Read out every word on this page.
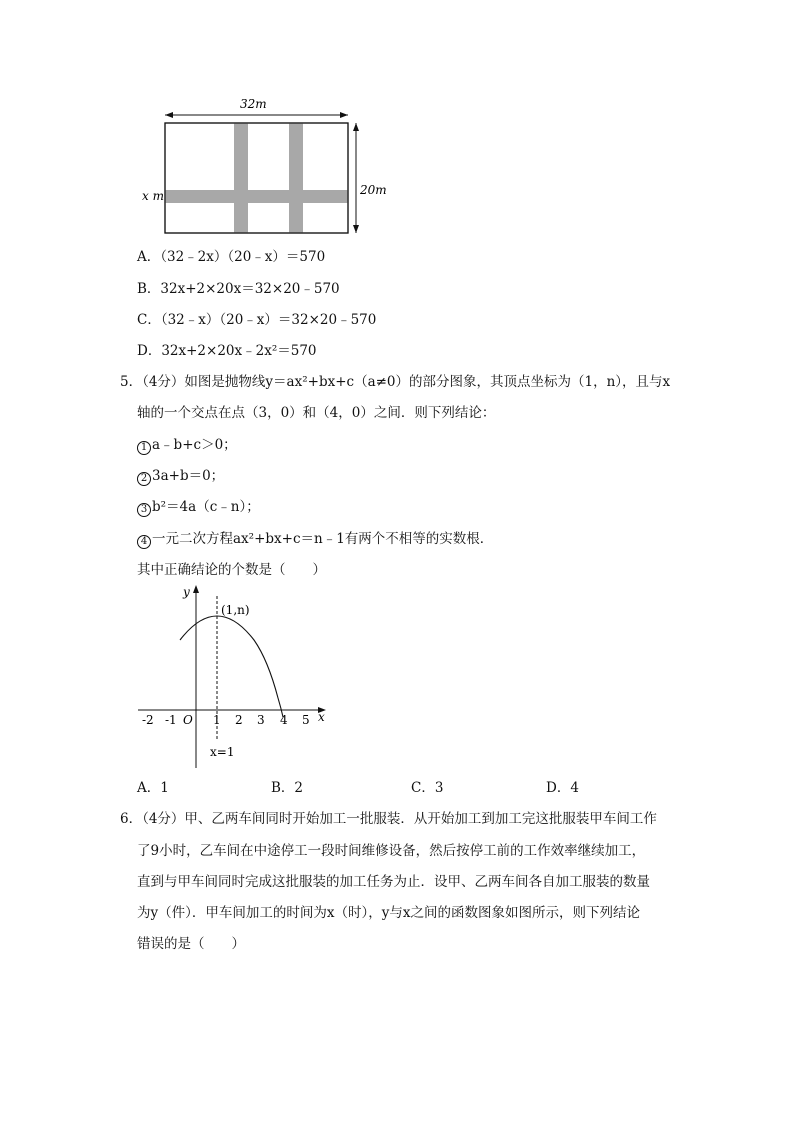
32m
20m
x m
A．（32﹣2x）（20﹣x）＝570
B．32x+2×20x＝32×20﹣570
C．（32﹣x）（20﹣x）＝32×20﹣570
D．32x+2×20x﹣2x²＝570
5．（4分）如图是抛物线y＝ax²+bx+c（a≠0）的部分图象，其顶点坐标为（1，n），且与x
轴的一个交点在点（3，0）和（4，0）之间．则下列结论：
1 a﹣b+c＞0；
2 3a+b＝0；
3 b²＝4a（c﹣n）；
4 一元二次方程ax²+bx+c＝n﹣1有两个不相等的实数根．
其中正确结论的个数是（　　）
y
x
(1,n)
O
-2 -1	1 2 3 4 5
x=1
A．1	B．2	C．3	D．4
6．（4分）甲、乙两车间同时开始加工一批服装．从开始加工到加工完这批服装甲车间工作
了9小时，乙车间在中途停工一段时间维修设备，然后按停工前的工作效率继续加工，
直到与甲车间同时完成这批服装的加工任务为止．设甲、乙两车间各自加工服装的数量
为y（件）．甲车间加工的时间为x（时），y与x之间的函数图象如图所示，则下列结论
错误的是（　　）
